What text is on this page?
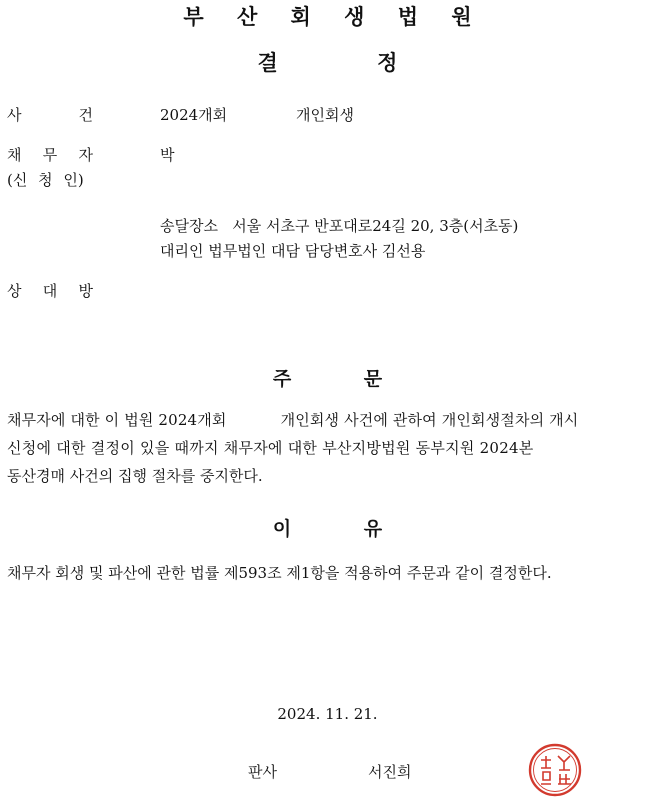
부 산 회 생 법 원
결 정
사	건	2024개회	개인회생
채 무 자	박
(신 청 인)
송달장소 서울 서초구 반포대로24길 20, 3층(서초동)
대리인 법무법인 대담 담당변호사 김선용
상 대 방
주 문
채무자에 대한 이 법원 2024개회           개인회생 사건에 관하여 개인회생절차의 개시
신청에 대한 결정이 있을 때까지 채무자에 대한 부산지방법원 동부지원 2024본
동산경매 사건의 집행 절차를 중지한다.
이 유
채무자 회생 및 파산에 관한 법률 제593조 제1항을 적용하여 주문과 같이 결정한다.
2024. 11. 21.
판사	서진희
